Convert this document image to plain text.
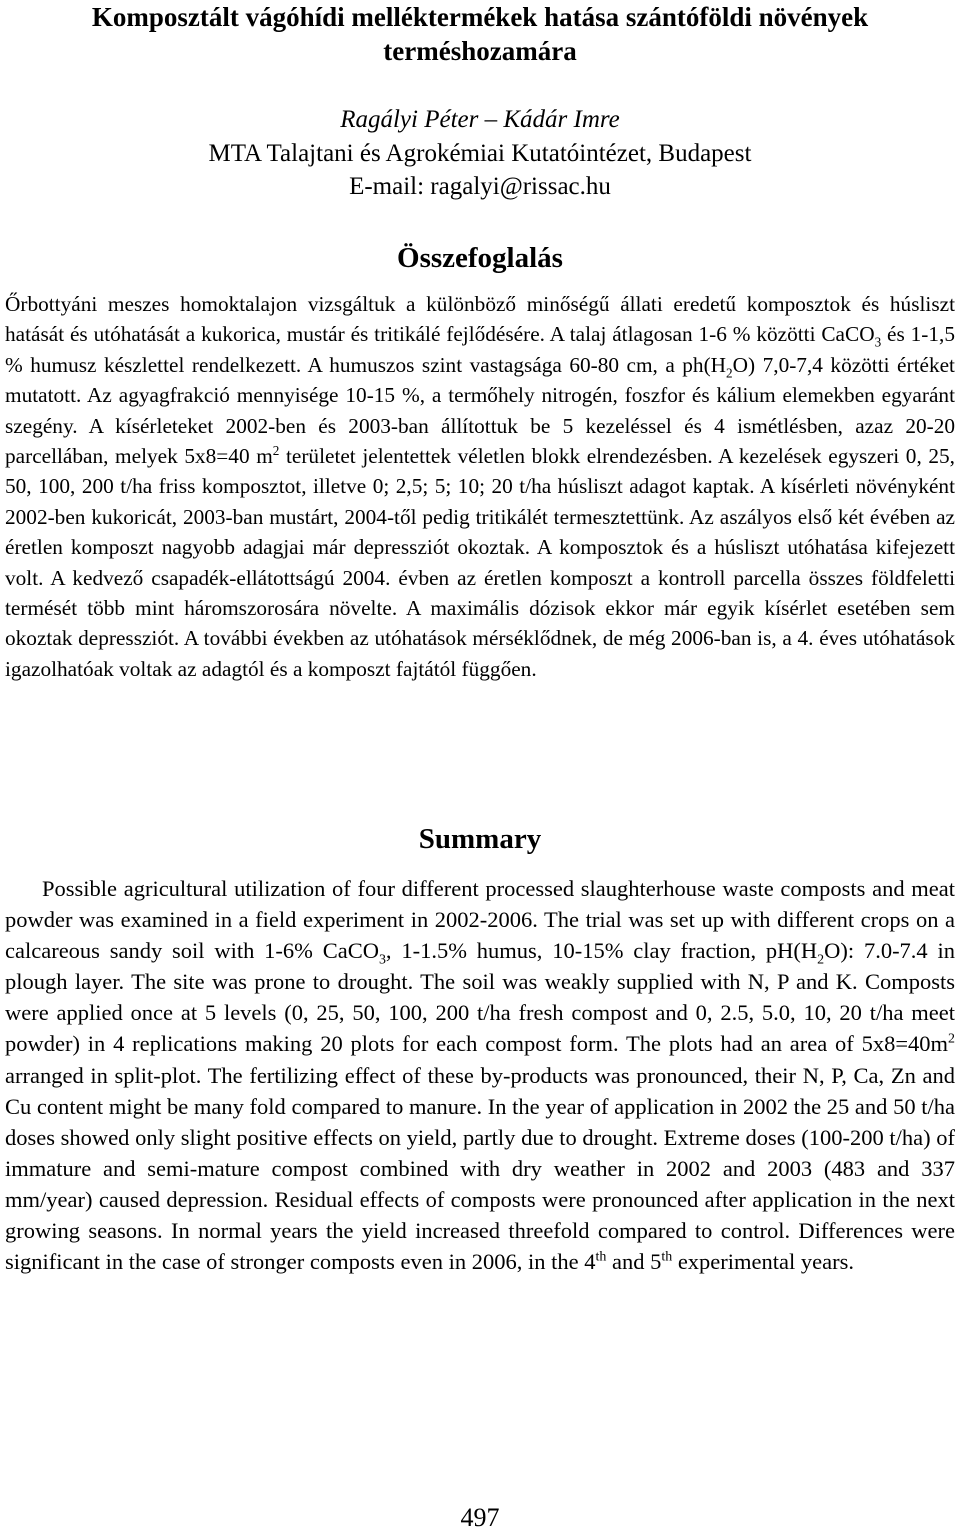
Komposztált vágóhídi melléktermékek hatása szántóföldi növények terméshozamára

Ragályi Péter – Kádár Imre

MTA Talajtani és Agrokémiai Kutatóintézet, Budapest

E-mail: ragalyi@rissac.hu

Összefoglalás

Őrbottyáni meszes homoktalajon vizsgáltuk a különböző minőségű állati eredetű komposztok és húsliszt hatását és utóhatását a kukorica, mustár és tritikálé fejlődésére. A talaj átlagosan 1-6 % közötti CaCO$_3$ és 1-1,5 % humusz készlettel rendelkezett. A humuszos szint vastagsága 60-80 cm, a $ph(H_2O)$ 7,0-7,4 közötti értéket mutatott. Az agyagfrakció mennyisége 10-15 %, a termőhely nitrogén, foszfor és kálium elemekben egyaránt szegény. A kísérleteket 2002-ben és 2003-ban állítottuk be 5 kezeléssel és 4 ismétlésben, azaz 20-20 parcellában, melyek 5x8=40 $m^2$ területet jelentettek véletlen blokk elrendezésben. A kezelések egyszeri 0, 25, 50, 100, 200 t/ha friss komposztot, illetve 0; 2,5; 5; 10; 20 t/ha húsliszt adagot kaptak. A kísérleti növényként 2002-ben kukoricát, 2003-ban mustárt, 2004-től pedig tritikálét termesztettünk. Az aszályos első két évében az éretlen komposzt nagyobb adagjai már depressziót okoztak. A komposztok és a húsliszt utóhatása kifejezett volt. A kedvező csapadék-ellátottságú 2004. évben az éretlen komposzt a kontroll parcella összes földfeletti termését több mint háromszorosára növelte. A maximális dózisok ekkor már egyik kísérlet esetében sem okoztak depressziót. A további években az utóhatások mérséklődnek, de még 2006-ban is, a 4. éves utóhatások igazolhatóak voltak az adagtól és a komposzt fajtától függően.

Summary

Possible agricultural utilization of four different processed slaughterhouse waste composts and meat powder was examined in a field experiment in 2002-2006. The trial was set up with different crops on a calcareous sandy soil with 1-6% CaCO$_3$, 1-1.5% humus, 10-15% clay fraction, $pH(H_2O)$: 7.0-7.4 in plough layer. The site was prone to drought. The soil was weakly supplied with N, P and K. Composts were applied once at 5 levels (0, 25, 50, 100, 200 t/ha fresh compost and 0, 2.5, 5.0, 10, 20 t/ha meet powder) in 4 replications making 20 plots for each compost form. The plots had an area of $5x8=40m^2$ arranged in split-plot. The fertilizing effect of these by-products was pronounced, their N, P, Ca, Zn and Cu content might be many fold compared to manure. In the year of application in 2002 the 25 and 50 t/ha doses showed only slight positive effects on yield, partly due to drought. Extreme doses (100-200 t/ha) of immature and semi-mature compost combined with dry weather in 2002 and 2003 (483 and 337 mm/year) caused depression. Residual effects of composts were pronounced after application in the next growing seasons. In normal years the yield increased threefold compared to control. Differences were significant in the case of stronger composts even in 2006, in the 4th and 5th experimental years.

497
